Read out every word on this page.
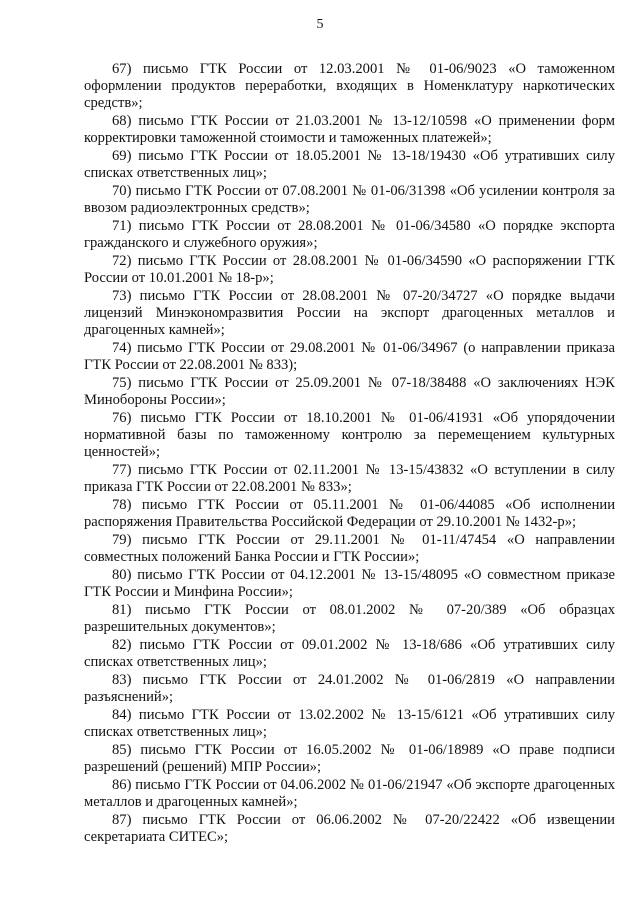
5
67) письмо ГТК России от 12.03.2001 № 01-06/9023 «О таможенном оформлении продуктов переработки, входящих в Номенклатуру наркотических средств»;
68) письмо ГТК России от 21.03.2001 № 13-12/10598 «О применении форм корректировки таможенной стоимости и таможенных платежей»;
69) письмо ГТК России от 18.05.2001 № 13-18/19430 «Об утративших силу списках ответственных лиц»;
70) письмо ГТК России от 07.08.2001 № 01-06/31398 «Об усилении контроля за ввозом радиоэлектронных средств»;
71) письмо ГТК России от 28.08.2001 № 01-06/34580 «О порядке экспорта гражданского и служебного оружия»;
72) письмо ГТК России от 28.08.2001 № 01-06/34590 «О распоряжении ГТК России от 10.01.2001 № 18-р»;
73) письмо ГТК России от 28.08.2001 № 07-20/34727 «О порядке выдачи лицензий Минэкономразвития России на экспорт драгоценных металлов и драгоценных камней»;
74) письмо ГТК России от 29.08.2001 № 01-06/34967 (о направлении приказа ГТК России от 22.08.2001 № 833);
75) письмо ГТК России от 25.09.2001 № 07-18/38488 «О заключениях НЭК Минобороны России»;
76) письмо ГТК России от 18.10.2001 № 01-06/41931 «Об упорядочении нормативной базы по таможенному контролю за перемещением культурных ценностей»;
77) письмо ГТК России от 02.11.2001 № 13-15/43832 «О вступлении в силу приказа ГТК России от 22.08.2001 № 833»;
78) письмо ГТК России от 05.11.2001 № 01-06/44085 «Об исполнении распоряжения Правительства Российской Федерации от 29.10.2001 № 1432-р»;
79) письмо ГТК России от 29.11.2001 № 01-11/47454 «О направлении совместных положений Банка России и ГТК России»;
80) письмо ГТК России от 04.12.2001 № 13-15/48095 «О совместном приказе ГТК России и Минфина России»;
81) письмо ГТК России от 08.01.2002 № 07-20/389 «Об образцах разрешительных документов»;
82) письмо ГТК России от 09.01.2002 № 13-18/686 «Об утративших силу списках ответственных лиц»;
83) письмо ГТК России от 24.01.2002 № 01-06/2819 «О направлении разъяснений»;
84) письмо ГТК России от 13.02.2002 № 13-15/6121 «Об утративших силу списках ответственных лиц»;
85) письмо ГТК России от 16.05.2002 № 01-06/18989 «О праве подписи разрешений (решений) МПР России»;
86) письмо ГТК России от 04.06.2002 № 01-06/21947 «Об экспорте драгоценных металлов и драгоценных камней»;
87) письмо ГТК России от 06.06.2002 № 07-20/22422 «Об извещении секретариата СИТЕС»;
